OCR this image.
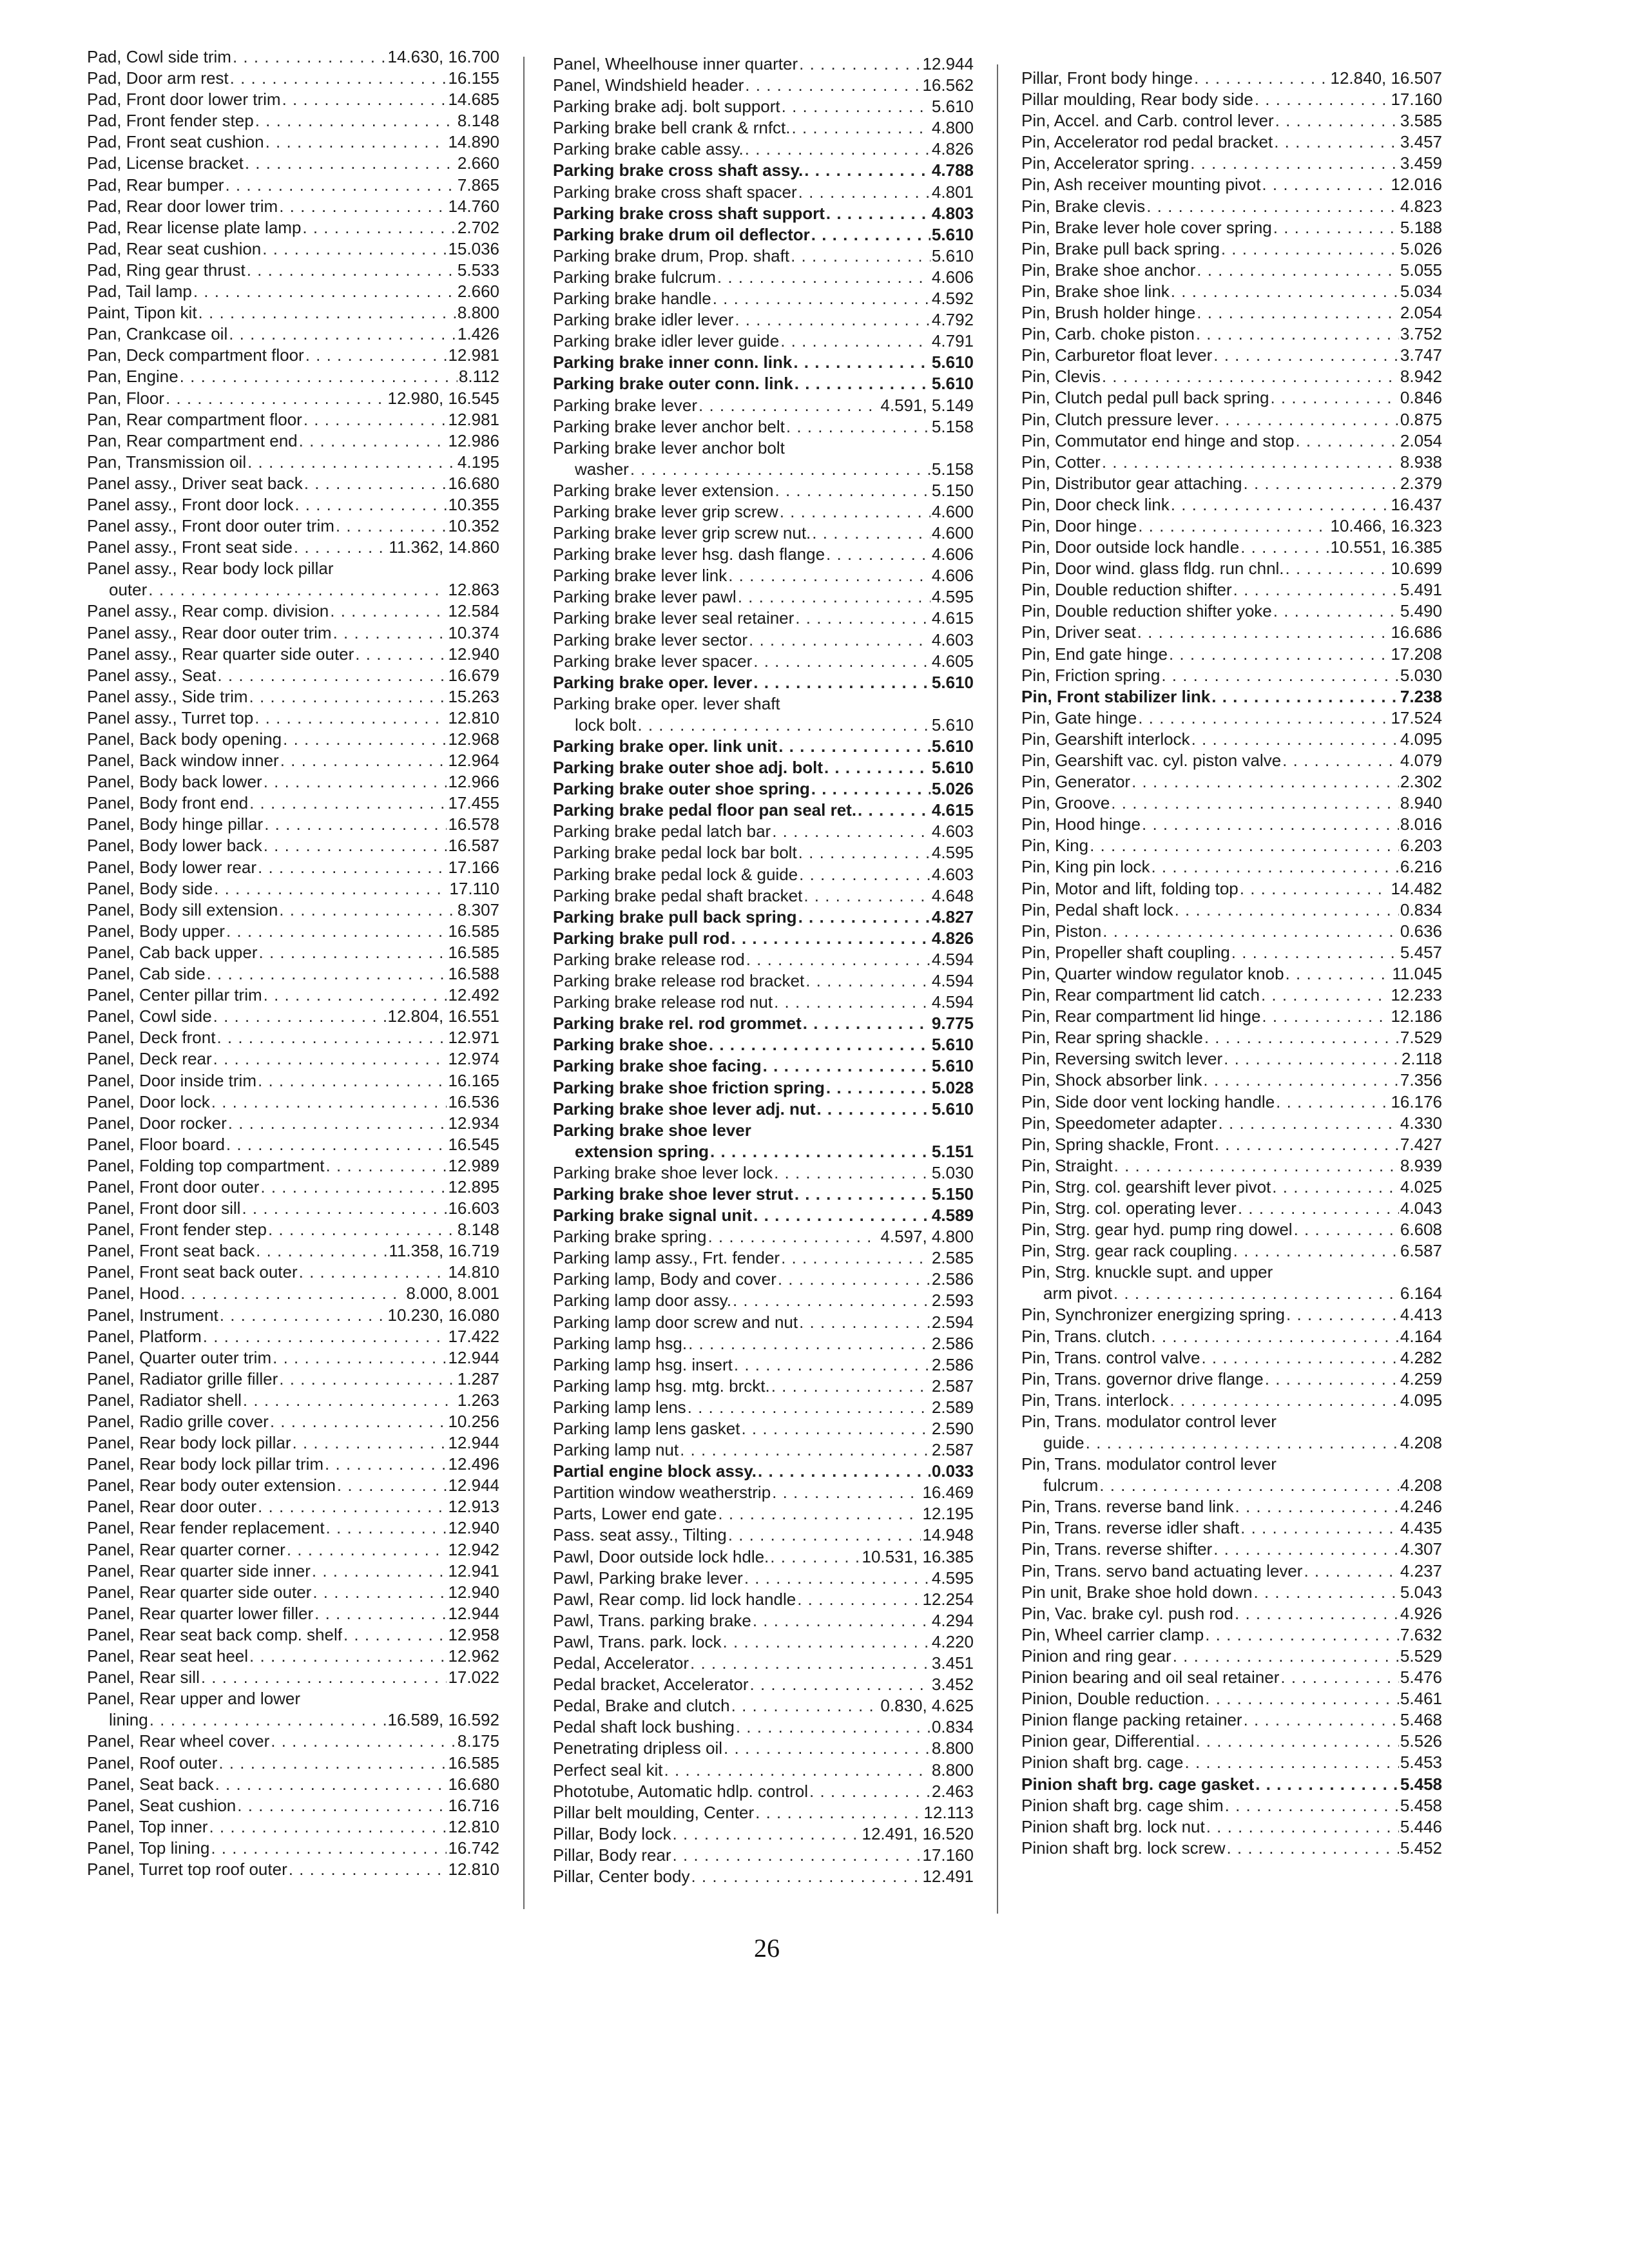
Pad, Cowl side trim . . .	14.630, 16.700
Pad, Door arm rest . . .	16.155
Pad, Front door lower trim . . .	14.685
Pad, Front fender step . . .	8.148
Pad, Front seat cushion . . .	14.890
Pad, License bracket . . .	2.660
Pad, Rear bumper . . .	7.865
Pad, Rear door lower trim . . .	14.760
Pad, Rear license plate lamp . . .	2.702
Pad, Rear seat cushion . . .	15.036
Pad, Ring gear thrust . . .	5.533
Pad, Tail lamp . . .	2.660
Paint, Tipon kit . . .	8.800
Pan, Crankcase oil . . .	1.426
Pan, Deck compartment floor . . .	12.981
Pan, Engine . . .	8.112
Pan, Floor . . .	12.980, 16.545
Pan, Rear compartment floor . . .	12.981
Pan, Rear compartment end . . .	12.986
Pan, Transmission oil . . .	4.195
Panel assy., Driver seat back . . .	16.680
Panel assy., Front door lock . . .	10.355
Panel assy., Front door outer trim . . .	10.352
Panel assy., Front seat side . . .	11.362, 14.860
Panel assy., Rear body lock pillar
outer . . .	12.863
Panel assy., Rear comp. division . . .	12.584
Panel assy., Rear door outer trim . . .	10.374
Panel assy., Rear quarter side outer . . .	12.940
Panel assy., Seat . . .	16.679
Panel assy., Side trim . . .	15.263
Panel assy., Turret top . . .	12.810
Panel, Back body opening . . .	12.968
Panel, Back window inner . . .	12.964
Panel, Body back lower . . .	12.966
Panel, Body front end . . .	17.455
Panel, Body hinge pillar . . .	16.578
Panel, Body lower back . . .	16.587
Panel, Body lower rear . . .	17.166
Panel, Body side . . .	17.110
Panel, Body sill extension . . .	8.307
Panel, Body upper . . .	16.585
Panel, Cab back upper . . .	16.585
Panel, Cab side . . .	16.588
Panel, Center pillar trim . . .	12.492
Panel, Cowl side . . .	12.804, 16.551
Panel, Deck front . . .	12.971
Panel, Deck rear . . .	12.974
Panel, Door inside trim . . .	16.165
Panel, Door lock . . .	16.536
Panel, Door rocker . . .	12.934
Panel, Floor board . . .	16.545
Panel, Folding top compartment . . .	12.989
Panel, Front door outer . . .	12.895
Panel, Front door sill . . .	16.603
Panel, Front fender step . . .	8.148
Panel, Front seat back . . .	11.358, 16.719
Panel, Front seat back outer . . .	14.810
Panel, Hood . . .	8.000, 8.001
Panel, Instrument . . .	10.230, 16.080
Panel, Platform . . .	17.422
Panel, Quarter outer trim . . .	12.944
Panel, Radiator grille filler . . .	1.287
Panel, Radiator shell . . .	1.263
Panel, Radio grille cover . . .	10.256
Panel, Rear body lock pillar . . .	12.944
Panel, Rear body lock pillar trim . . .	12.496
Panel, Rear body outer extension . . .	12.944
Panel, Rear door outer . . .	12.913
Panel, Rear fender replacement . . .	12.940
Panel, Rear quarter corner . . .	12.942
Panel, Rear quarter side inner . . .	12.941
Panel, Rear quarter side outer . . .	12.940
Panel, Rear quarter lower filler . . .	12.944
Panel, Rear seat back comp. shelf . . .	12.958
Panel, Rear seat heel . . .	12.962
Panel, Rear sill . . .	17.022
Panel, Rear upper and lower
lining . . .	16.589, 16.592
Panel, Rear wheel cover . . .	8.175
Panel, Roof outer . . .	16.585
Panel, Seat back . . .	16.680
Panel, Seat cushion . . .	16.716
Panel, Top inner . . .	12.810
Panel, Top lining . . .	16.742
Panel, Turret top roof outer . . .	12.810
Panel, Wheelhouse inner quarter . . .	12.944
Panel, Windshield header . . .	16.562
Parking brake adj. bolt support . . .	5.610
Parking brake bell crank & rnfct. . . .	4.800
Parking brake cable assy. . . .	4.826
Parking brake cross shaft assy. . . .	4.788
Parking brake cross shaft spacer . . .	4.801
Parking brake cross shaft support . . .	4.803
Parking brake drum oil deflector . . .	5.610
Parking brake drum, Prop. shaft . . .	5.610
Parking brake fulcrum . . .	4.606
Parking brake handle . . .	4.592
Parking brake idler lever . . .	4.792
Parking brake idler lever guide . . .	4.791
Parking brake inner conn. link . . .	5.610
Parking brake outer conn. link . . .	5.610
Parking brake lever . . .	4.591, 5.149
Parking brake lever anchor belt . . .	5.158
Parking brake lever anchor bolt
washer . . .	5.158
Parking brake lever extension . . .	5.150
Parking brake lever grip screw . . .	4.600
Parking brake lever grip screw nut. . . .	4.600
Parking brake lever hsg. dash flange . . .	4.606
Parking brake lever link . . .	4.606
Parking brake lever pawl . . .	4.595
Parking brake lever seal retainer . . .	4.615
Parking brake lever sector . . .	4.603
Parking brake lever spacer . . .	4.605
Parking brake oper. lever . . .	5.610
Parking brake oper. lever shaft
lock bolt . . .	5.610
Parking brake oper. link unit . . .	5.610
Parking brake outer shoe adj. bolt . . .	5.610
Parking brake outer shoe spring . . .	5.026
Parking brake pedal floor pan seal ret. . . .	4.615
Parking brake pedal latch bar . . .	4.603
Parking brake pedal lock bar bolt . . .	4.595
Parking brake pedal lock & guide . . .	4.603
Parking brake pedal shaft bracket . . .	4.648
Parking brake pull back spring . . .	4.827
Parking brake pull rod . . .	4.826
Parking brake release rod . . .	4.594
Parking brake release rod bracket . . .	4.594
Parking brake release rod nut . . .	4.594
Parking brake rel. rod grommet . . .	9.775
Parking brake shoe . . .	5.610
Parking brake shoe facing . . .	5.610
Parking brake shoe friction spring . . .	5.028
Parking brake shoe lever adj. nut . . .	5.610
Parking brake shoe lever
extension spring . . .	5.151
Parking brake shoe lever lock . . .	5.030
Parking brake shoe lever strut . . .	5.150
Parking brake signal unit . . .	4.589
Parking brake spring . . .	4.597, 4.800
Parking lamp assy., Frt. fender . . .	2.585
Parking lamp, Body and cover . . .	2.586
Parking lamp door assy. . . .	2.593
Parking lamp door screw and nut . . .	2.594
Parking lamp hsg. . . .	2.586
Parking lamp hsg. insert . . .	2.586
Parking lamp hsg. mtg. brckt. . . .	2.587
Parking lamp lens . . .	2.589
Parking lamp lens gasket . . .	2.590
Parking lamp nut . . .	2.587
Partial engine block assy. . . .	0.033
Partition window weatherstrip . . .	16.469
Parts, Lower end gate . . .	12.195
Pass. seat assy., Tilting . . .	14.948
Pawl, Door outside lock hdle. . . .	10.531, 16.385
Pawl, Parking brake lever . . .	4.595
Pawl, Rear comp. lid lock handle . . .	12.254
Pawl, Trans. parking brake . . .	4.294
Pawl, Trans. park. lock . . .	4.220
Pedal, Accelerator . . .	3.451
Pedal bracket, Accelerator . . .	3.452
Pedal, Brake and clutch . . .	0.830, 4.625
Pedal shaft lock bushing . . .	0.834
Penetrating dripless oil . . .	8.800
Perfect seal kit . . .	8.800
Phototube, Automatic hdlp. control . . .	2.463
Pillar belt moulding, Center . . .	12.113
Pillar, Body lock . . .	12.491, 16.520
Pillar, Body rear . . .	17.160
Pillar, Center body . . .	12.491
Pillar, Front body hinge . . .	12.840, 16.507
Pillar moulding, Rear body side . . .	17.160
Pin, Accel. and Carb. control lever . . .	3.585
Pin, Accelerator rod pedal bracket . . .	3.457
Pin, Accelerator spring . . .	3.459
Pin, Ash receiver mounting pivot . . .	12.016
Pin, Brake clevis . . .	4.823
Pin, Brake lever hole cover spring . . .	5.188
Pin, Brake pull back spring . . .	5.026
Pin, Brake shoe anchor . . .	5.055
Pin, Brake shoe link . . .	5.034
Pin, Brush holder hinge . . .	2.054
Pin, Carb. choke piston . . .	3.752
Pin, Carburetor float lever . . .	3.747
Pin, Clevis . . .	8.942
Pin, Clutch pedal pull back spring . . .	0.846
Pin, Clutch pressure lever . . .	0.875
Pin, Commutator end hinge and stop . . .	2.054
Pin, Cotter . . .	8.938
Pin, Distributor gear attaching . . .	2.379
Pin, Door check link . . .	16.437
Pin, Door hinge . . .	10.466, 16.323
Pin, Door outside lock handle . . .	10.551, 16.385
Pin, Door wind. glass fldg. run chnl. . . .	10.699
Pin, Double reduction shifter . . .	5.491
Pin, Double reduction shifter yoke . . .	5.490
Pin, Driver seat . . .	16.686
Pin, End gate hinge . . .	17.208
Pin, Friction spring . . .	5.030
Pin, Front stabilizer link . . .	7.238
Pin, Gate hinge . . .	17.524
Pin, Gearshift interlock . . .	4.095
Pin, Gearshift vac. cyl. piston valve . . .	4.079
Pin, Generator . . .	2.302
Pin, Groove . . .	8.940
Pin, Hood hinge . . .	8.016
Pin, King . . .	6.203
Pin, King pin lock . . .	6.216
Pin, Motor and lift, folding top . . .	14.482
Pin, Pedal shaft lock . . .	0.834
Pin, Piston . . .	0.636
Pin, Propeller shaft coupling . . .	5.457
Pin, Quarter window regulator knob . . .	11.045
Pin, Rear compartment lid catch . . .	12.233
Pin, Rear compartment lid hinge . . .	12.186
Pin, Rear spring shackle . . .	7.529
Pin, Reversing switch lever . . .	2.118
Pin, Shock absorber link . . .	7.356
Pin, Side door vent locking handle . . .	16.176
Pin, Speedometer adapter . . .	4.330
Pin, Spring shackle, Front . . .	7.427
Pin, Straight . . .	8.939
Pin, Strg. col. gearshift lever pivot . . .	4.025
Pin, Strg. col. operating lever . . .	4.043
Pin, Strg. gear hyd. pump ring dowel . . .	6.608
Pin, Strg. gear rack coupling . . .	6.587
Pin, Strg. knuckle supt. and upper
arm pivot . . .	6.164
Pin, Synchronizer energizing spring . . .	4.413
Pin, Trans. clutch . . .	4.164
Pin, Trans. control valve . . .	4.282
Pin, Trans. governor drive flange . . .	4.259
Pin, Trans. interlock . . .	4.095
Pin, Trans. modulator control lever
guide . . .	4.208
Pin, Trans. modulator control lever
fulcrum . . .	4.208
Pin, Trans. reverse band link . . .	4.246
Pin, Trans. reverse idler shaft . . .	4.435
Pin, Trans. reverse shifter . . .	4.307
Pin, Trans. servo band actuating lever . . .	4.237
Pin unit, Brake shoe hold down . . .	5.043
Pin, Vac. brake cyl. push rod . . .	4.926
Pin, Wheel carrier clamp . . .	7.632
Pinion and ring gear . . .	5.529
Pinion bearing and oil seal retainer . . .	5.476
Pinion, Double reduction . . .	5.461
Pinion flange packing retainer . . .	5.468
Pinion gear, Differential . . .	5.526
Pinion shaft brg. cage . . .	5.453
Pinion shaft brg. cage gasket . . .	5.458
Pinion shaft brg. cage shim . . .	5.458
Pinion shaft brg. lock nut . . .	5.446
Pinion shaft brg. lock screw . . .	5.452
26
